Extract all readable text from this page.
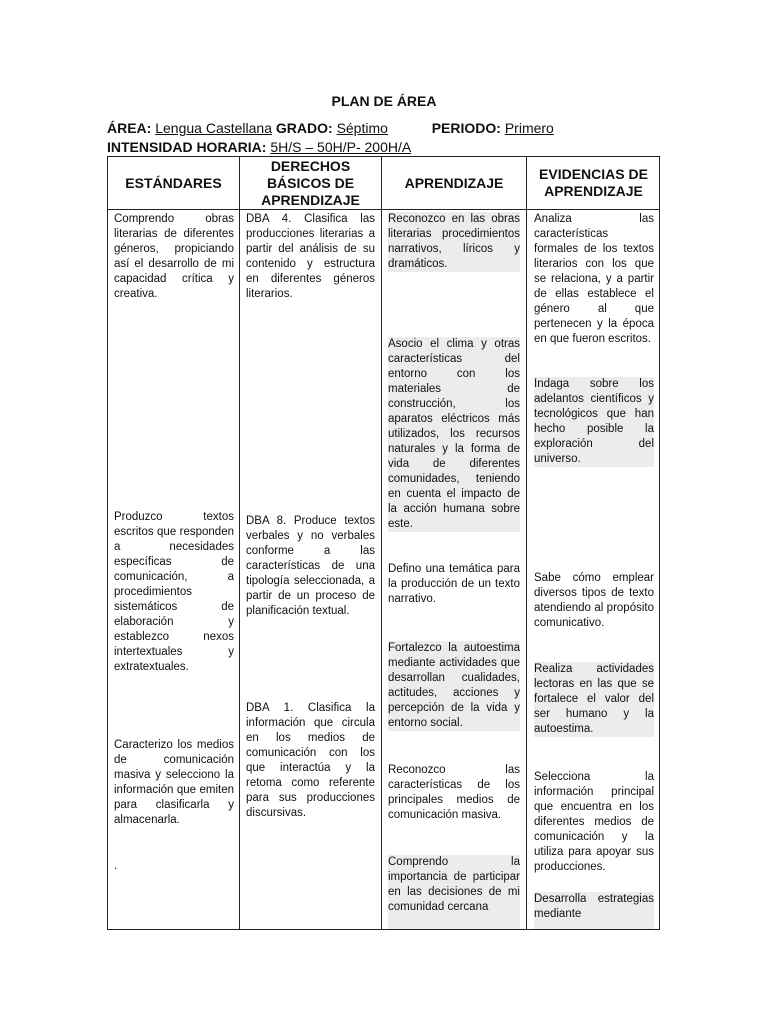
PLAN DE ÁREA
ÁREA: Lengua Castellana GRADO: Séptimo	PERIODO: Primero
INTENSIDAD HORARIA: 5H/S – 50H/P- 200H/A
ESTÁNDARES
DERECHOS BÁSICOS DE APRENDIZAJE
APRENDIZAJE
EVIDENCIAS DE APRENDIZAJE
Comprendo obras literarias de diferentes géneros, propiciando así el desarrollo de mi capacidad crítica y creativa.
Produzco textos escritos que responden a necesidades específicas de comunicación, a procedimientos sistemáticos de elaboración y establezco nexos intertextuales y extratextuales.
Caracterizo los medios de comunicación masiva y selecciono la información que emiten para clasificarla y almacenarla.
.
DBA 4. Clasifica las producciones literarias a partir del análisis de su contenido y estructura en diferentes géneros literarios.
DBA 8. Produce textos verbales y no verbales conforme a las características de una tipología seleccionada, a partir de un proceso de planificación textual.
DBA 1. Clasifica la información que circula en los medios de comunicación con los que interactúa y la retoma como referente para sus producciones discursivas.
Reconozco en las obras literarias procedimientos narrativos, líricos y dramáticos.
Asocio el clima y otras características del entorno con los materiales de construcción, los aparatos eléctricos más utilizados, los recursos naturales y la forma de vida de diferentes comunidades, teniendo en cuenta el impacto de la acción humana sobre este.
Defino una temática para la producción de un texto narrativo.
Fortalezco la autoestima mediante actividades que desarrollan cualidades, actitudes, acciones y percepción de la vida y entorno social.
Reconozco las características de los principales medios de comunicación masiva.
Comprendo la importancia de participar en las decisiones de mi comunidad cercana
Analiza las características formales de los textos literarios con los que se relaciona, y a partir de ellas establece el género al que pertenecen y la época en que fueron escritos.
Indaga sobre los adelantos científicos y tecnológicos que han hecho posible la exploración del universo.
Sabe cómo emplear diversos tipos de texto atendiendo al propósito comunicativo.
Realiza actividades lectoras en las que se fortalece el valor del ser humano y la autoestima.
Selecciona la información principal que encuentra en los diferentes medios de comunicación y la utiliza para apoyar sus producciones.
Desarrolla estrategias mediante
